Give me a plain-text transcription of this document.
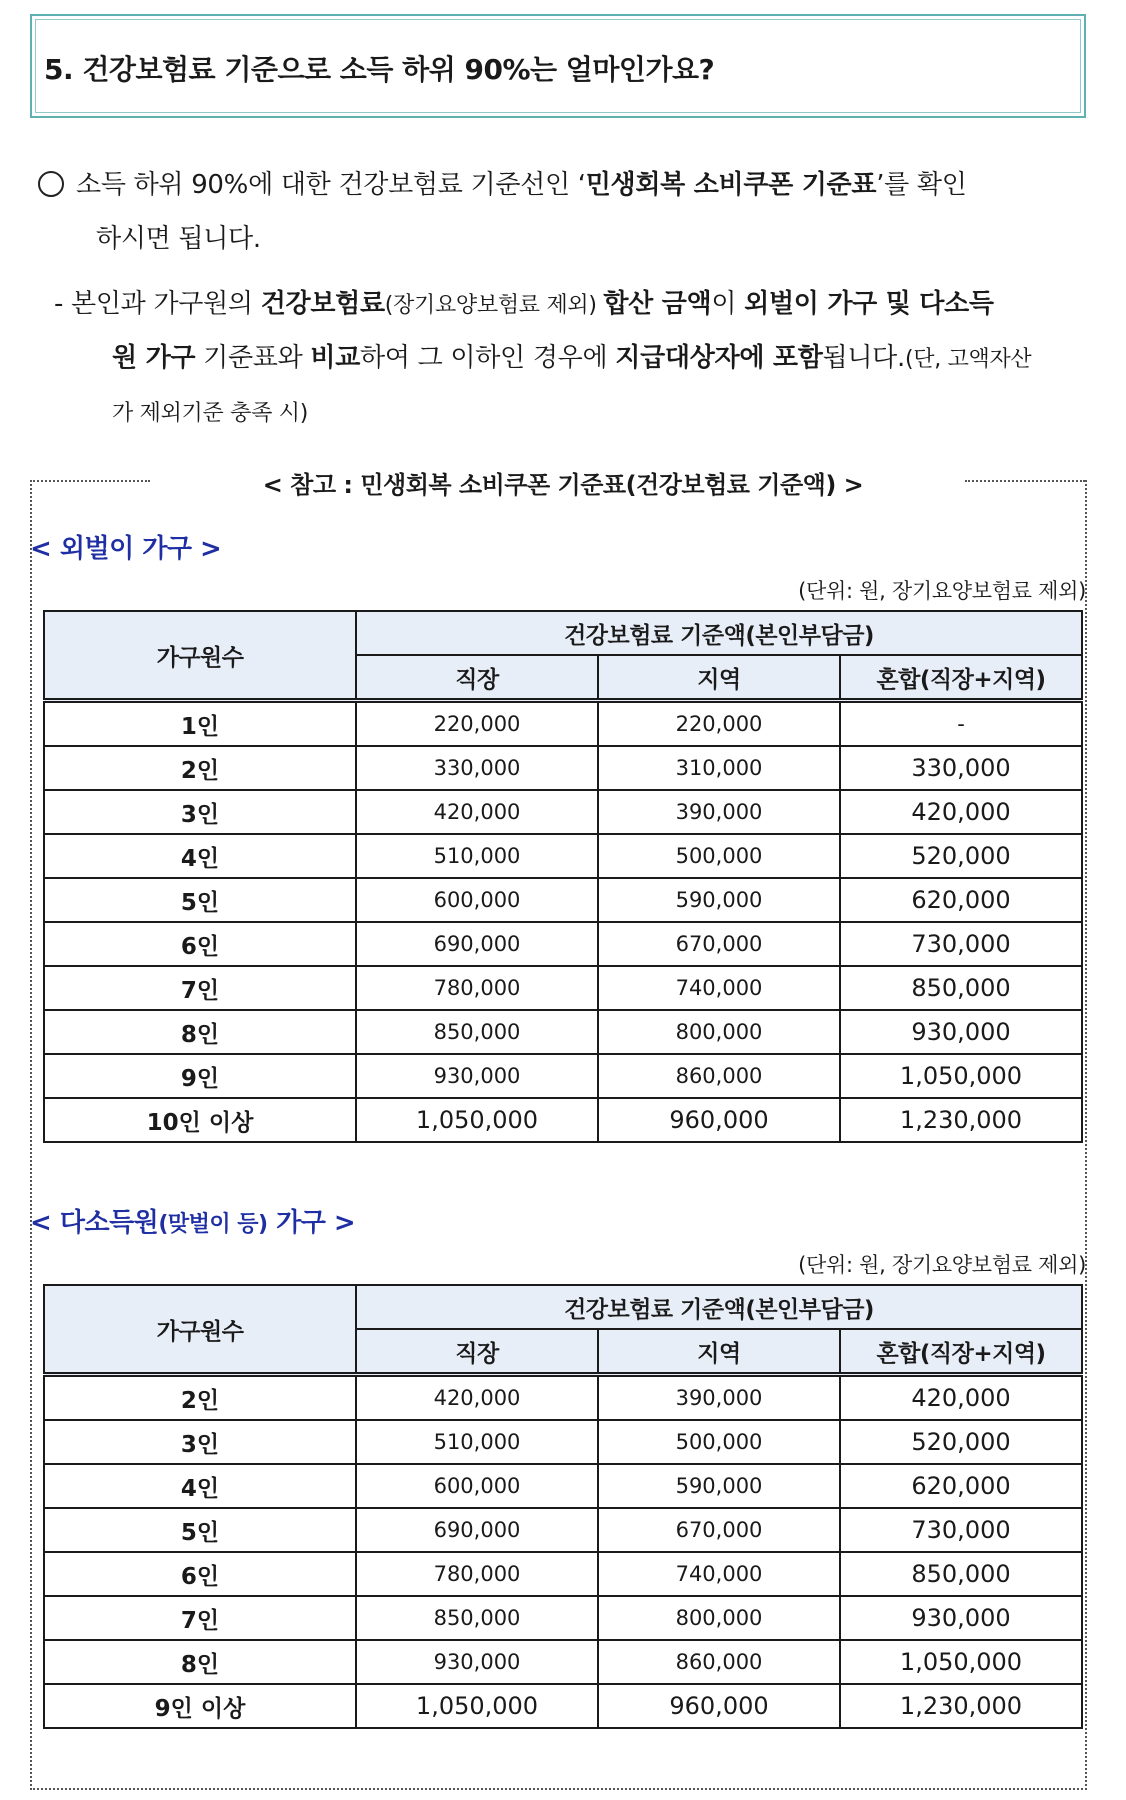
5. 건강보험료 기준으로 소득 하위 90%는 얼마인가요?
소득 하위 90%에 대한 건강보험료 기준선인 ‘민생회복 소비쿠폰 기준표’를 확인
하시면 됩니다.
- 본인과 가구원의 건강보험료(장기요양보험료 제외) 합산 금액이 외벌이 가구 및 다소득
원 가구 기준표와 비교하여 그 이하인 경우에 지급대상자에 포함됩니다.(단, 고액자산
가 제외기준 충족 시)
< 참고 : 민생회복 소비쿠폰 기준표(건강보험료 기준액) >
< 외벌이 가구 >
(단위: 원, 장기요양보험료 제외)
가구원수	건강보험료 기준액(본인부담금)		
	직장	지역	혼합(직장+지역)
1인	220,000	220,000	-
2인	330,000	310,000	330,000
3인	420,000	390,000	420,000
4인	510,000	500,000	520,000
5인	600,000	590,000	620,000
6인	690,000	670,000	730,000
7인	780,000	740,000	850,000
8인	850,000	800,000	930,000
9인	930,000	860,000	1,050,000
10인 이상	1,050,000	960,000	1,230,000
< 다소득원(맞벌이 등) 가구 >
(단위: 원, 장기요양보험료 제외)
가구원수	건강보험료 기준액(본인부담금)		
	직장	지역	혼합(직장+지역)
2인	420,000	390,000	420,000
3인	510,000	500,000	520,000
4인	600,000	590,000	620,000
5인	690,000	670,000	730,000
6인	780,000	740,000	850,000
7인	850,000	800,000	930,000
8인	930,000	860,000	1,050,000
9인 이상	1,050,000	960,000	1,230,000
